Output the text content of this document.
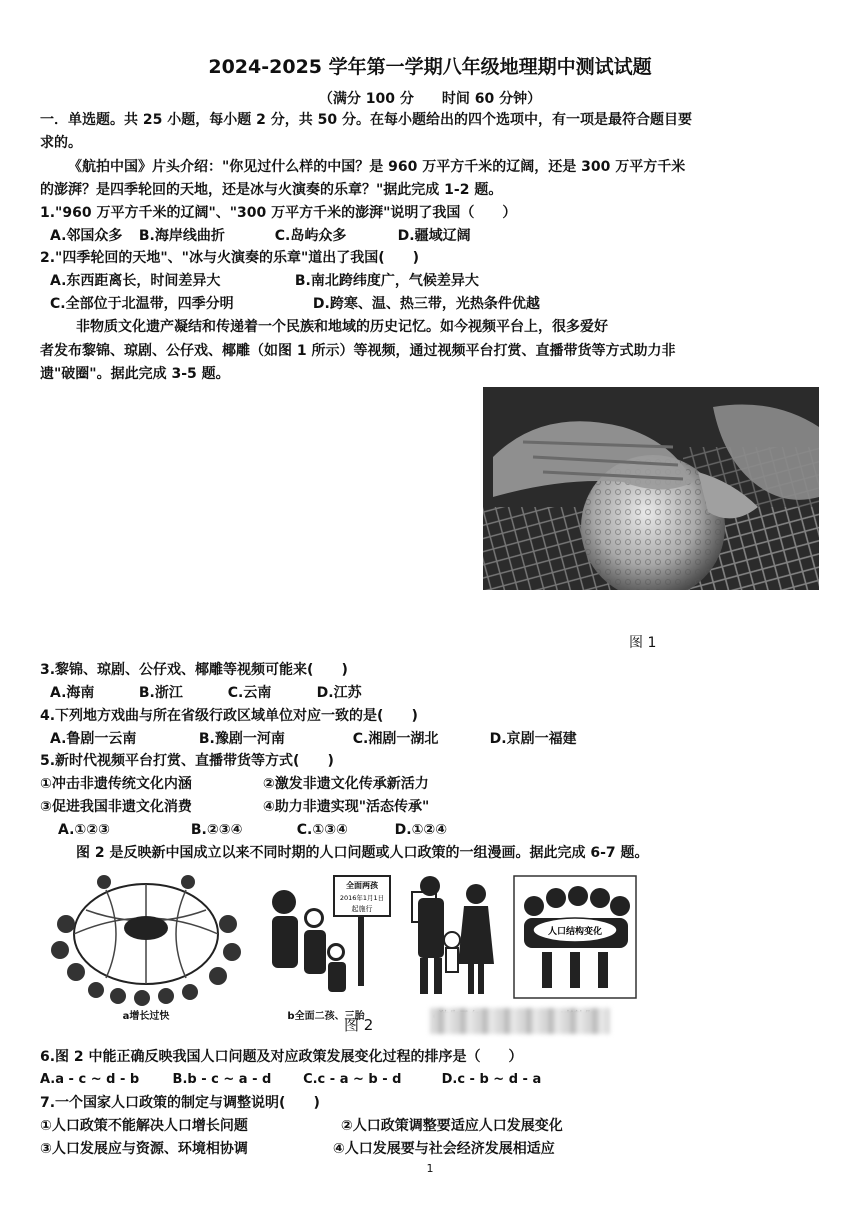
2024-2025 学年第一学期八年级地理期中测试试题
（满分 100 分　　时间 60 分钟）
一．单选题。共 25 小题，每小题 2 分，共 50 分。在每小题给出的四个选项中，有一项是最符合题目要
求的。
《航拍中国》片头介绍："你见过什么样的中国？是 960 万平方千米的辽阔，还是 300 万平方千米
的澎湃？是四季轮回的天地，还是冰与火演奏的乐章？"据此完成 1-2 题。
1."960 万平方千米的辽阔"、"300 万平方千米的澎湃"说明了我国（　　）
A.邻国众多 B.海岸线曲折	C.岛屿众多	D.疆域辽阔
2."四季轮回的天地"、"冰与火演奏的乐章"道出了我国(　　)
A.东西距离长，时间差异大	B.南北跨纬度广，气候差异大
C.全部位于北温带，四季分明	D.跨寒、温、热三带，光热条件优越
非物质文化遗产凝结和传递着一个民族和地域的历史记忆。如今视频平台上，很多爱好
者发布黎锦、琼剧、公仔戏、椰雕（如图 1 所示）等视频，通过视频平台打赏、直播带货等方式助力非
遗"破圈"。据此完成 3-5 题。
图 1
3.黎锦、琼剧、公仔戏、椰雕等视频可能来(　　)
A.海南	B.浙江	C.云南	D.江苏
4.下列地方戏曲与所在省级行政区域单位对应一致的是(　　)
A.鲁剧一云南	B.豫剧一河南	C.湘剧一湖北	D.京剧一福建
5.新时代视频平台打赏、直播带货等方式(　　)
①冲击非遗传统文化内涵	②激发非遗文化传承新活力
③促进我国非遗文化消费	④助力非遗实现"活态传承"
A.①②③	B.②③④	C.①③④	D.①②④
图 2 是反映新中国成立以来不同时期的人口问题或人口政策的一组漫画。据此完成 6-7 题。
a增长过快
全面两孩
2016年1月1日
起施行
b全面二孩、三胎
人口结构变化
图 2
6.图 2 中能正确反映我国人口问题及对应政策发展变化过程的排序是（　　）
A.a - c ~ d - b	B.b - c ~ a - d C.c - a ~ b - d	D.c - b ~ d - a
7.一个国家人口政策的制定与调整说明(　　)
①人口政策不能解决人口增长问题	②人口政策调整要适应人口发展变化
③人口发展应与资源、环境相协调	④人口发展要与社会经济发展相适应
1
